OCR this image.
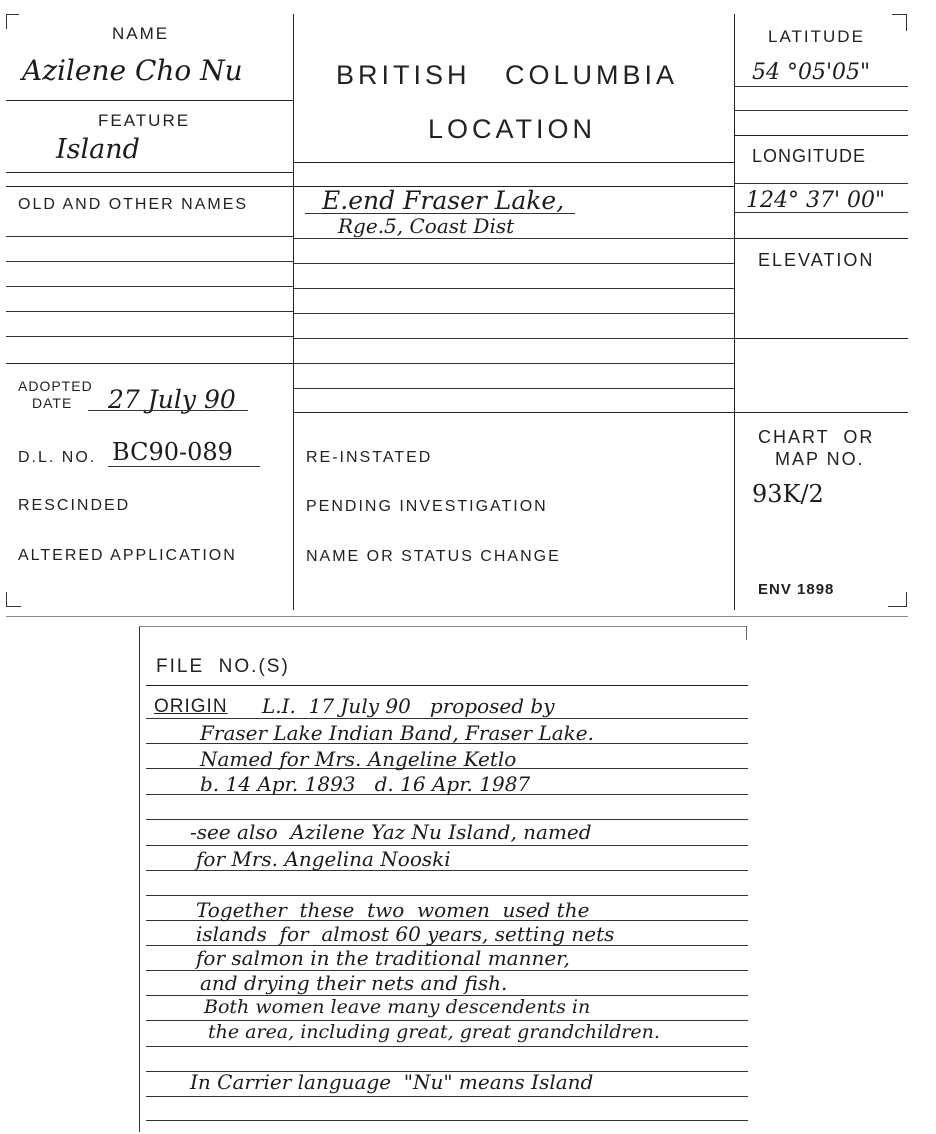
NAME
Azilene Cho Nu
FEATURE
Island
OLD AND OTHER NAMES
ADOPTED
DATE 27 July 90
D.L. NO. BC90-089
RESCINDED
ALTERED APPLICATION
BRITISH   COLUMBIA
LOCATION
E.end Fraser Lake,
Rge.5, Coast Dist
RE-INSTATED
PENDING INVESTIGATION
NAME OR STATUS CHANGE
LATITUDE
54 °05'05"
LONGITUDE
124° 37' 00"
ELEVATION
CHART  OR
MAP NO.
93K/2
ENV 1898
FILE  NO.(S)
ORIGIN L.I.  17 July 90   proposed by
Fraser Lake Indian Band, Fraser Lake.
Named for Mrs. Angeline Ketlo
b. 14 Apr. 1893   d. 16 Apr. 1987
-see also  Azilene Yaz Nu Island, named
for Mrs. Angelina Nooski
Together  these  two  women  used the
islands  for  almost 60 years, setting nets
for salmon in the traditional manner,
and drying their nets and fish.
Both women leave many descendents in
the area, including great, great grandchildren.
In Carrier language  "Nu" means Island
